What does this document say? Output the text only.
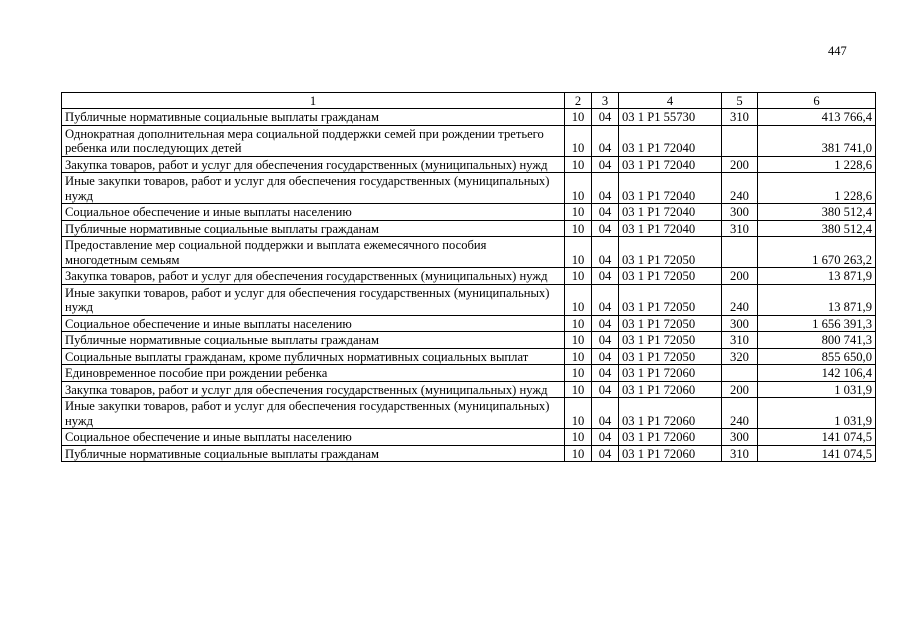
447
1	2	3	4	5	6
Публичные нормативные социальные выплаты гражданам	10	04	03 1 Р1 55730	310	413 766,4
Однократная дополнительная мера социальной поддержки семей при рождении третьего ребенка или последующих детей	10	04	03 1 Р1 72040		381 741,0
Закупка товаров, работ и услуг для обеспечения государственных (муниципальных) нужд	10	04	03 1 Р1 72040	200	1 228,6
Иные закупки товаров, работ и услуг для обеспечения государственных (муниципальных) нужд	10	04	03 1 Р1 72040	240	1 228,6
Социальное обеспечение и иные выплаты населению	10	04	03 1 Р1 72040	300	380 512,4
Публичные нормативные социальные выплаты гражданам	10	04	03 1 Р1 72040	310	380 512,4
Предоставление мер социальной поддержки и выплата ежемесячного пособия многодетным семьям	10	04	03 1 Р1 72050		1 670 263,2
Закупка товаров, работ и услуг для обеспечения государственных (муниципальных) нужд	10	04	03 1 Р1 72050	200	13 871,9
Иные закупки товаров, работ и услуг для обеспечения государственных (муниципальных) нужд	10	04	03 1 Р1 72050	240	13 871,9
Социальное обеспечение и иные выплаты населению	10	04	03 1 Р1 72050	300	1 656 391,3
Публичные нормативные социальные выплаты гражданам	10	04	03 1 Р1 72050	310	800 741,3
Социальные выплаты гражданам, кроме публичных нормативных социальных выплат	10	04	03 1 Р1 72050	320	855 650,0
Единовременное пособие при рождении ребенка	10	04	03 1 Р1 72060		142 106,4
Закупка товаров, работ и услуг для обеспечения государственных (муниципальных) нужд	10	04	03 1 Р1 72060	200	1 031,9
Иные закупки товаров, работ и услуг для обеспечения государственных (муниципальных) нужд	10	04	03 1 Р1 72060	240	1 031,9
Социальное обеспечение и иные выплаты населению	10	04	03 1 Р1 72060	300	141 074,5
Публичные нормативные социальные выплаты гражданам	10	04	03 1 Р1 72060	310	141 074,5
